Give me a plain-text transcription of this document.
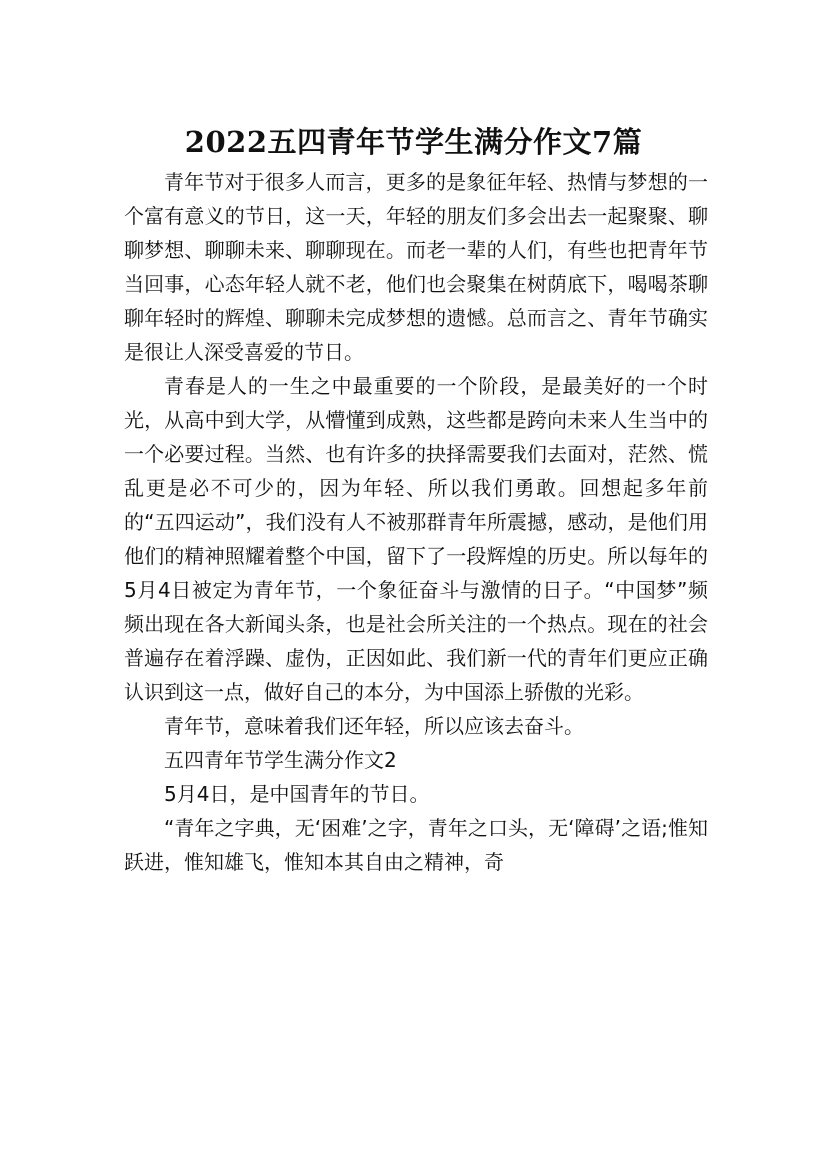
2022五四青年节学生满分作文7篇

青年节对于很多人而言，更多的是象征年轻、热情与梦想的一个富有意义的节日，这一天，年轻的朋友们多会出去一起聚聚、聊聊梦想、聊聊未来、聊聊现在。而老一辈的人们，有些也把青年节当回事，心态年轻人就不老，他们也会聚集在树荫底下，喝喝茶聊聊年轻时的辉煌、聊聊未完成梦想的遗憾。总而言之、青年节确实是很让人深受喜爱的节日。

青春是人的一生之中最重要的一个阶段，是最美好的一个时光，从高中到大学，从懵懂到成熟，这些都是跨向未来人生当中的一个必要过程。当然、也有许多的抉择需要我们去面对，茫然、慌乱更是必不可少的，因为年轻、所以我们勇敢。回想起多年前的“五四运动”，我们没有人不被那群青年所震撼，感动，是他们用他们的精神照耀着整个中国，留下了一段辉煌的历史。所以每年的5月4日被定为青年节，一个象征奋斗与激情的日子。“中国梦”频频出现在各大新闻头条，也是社会所关注的一个热点。现在的社会普遍存在着浮躁、虚伪，正因如此、我们新一代的青年们更应正确认识到这一点，做好自己的本分，为中国添上骄傲的光彩。

青年节，意味着我们还年轻，所以应该去奋斗。

五四青年节学生满分作文2

5月4日，是中国青年的节日。

“青年之字典，无‘困难’之字，青年之口头，无‘障碍’之语;惟知跃进，惟知雄飞，惟知本其自由之精神，奇
